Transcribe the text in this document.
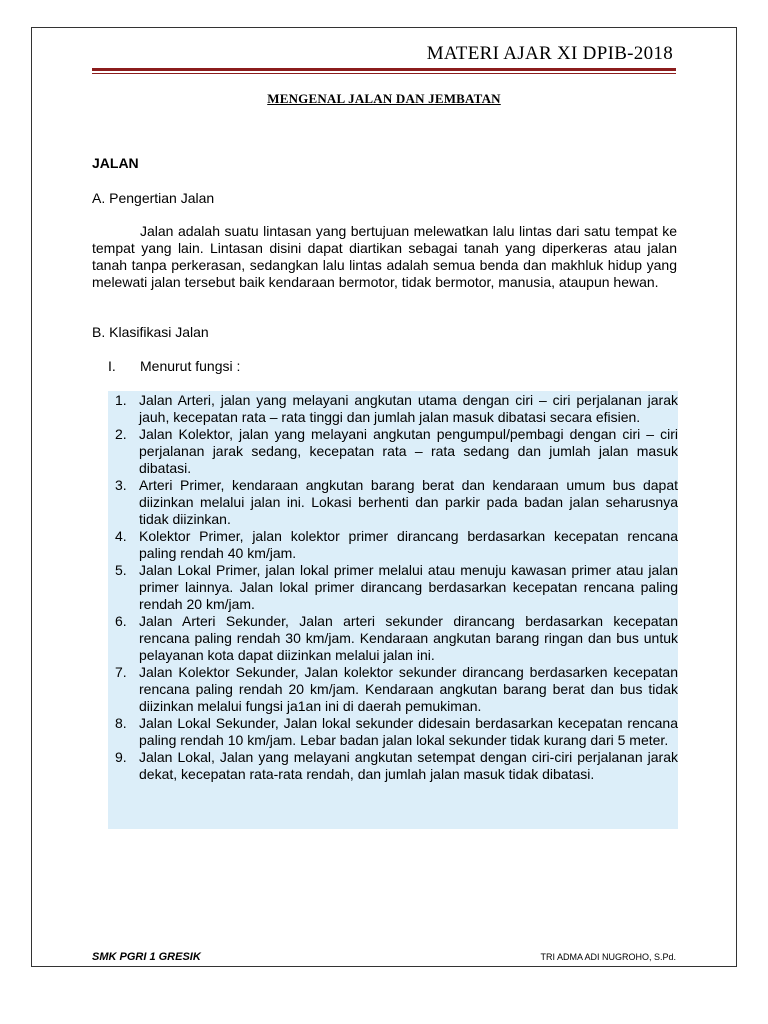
MATERI AJAR XI DPIB-2018
MENGENAL JALAN DAN JEMBATAN
JALAN
A. Pengertian Jalan
Jalan adalah suatu lintasan yang bertujuan melewatkan lalu lintas dari satu tempat ke tempat yang lain. Lintasan disini dapat diartikan sebagai tanah yang diperkeras atau jalan tanah tanpa perkerasan, sedangkan lalu lintas adalah semua benda dan makhluk hidup yang melewati jalan tersebut baik kendaraan bermotor, tidak bermotor, manusia, ataupun hewan.
B. Klasifikasi Jalan
I. Menurut fungsi :
1. Jalan Arteri, jalan yang melayani angkutan utama dengan ciri – ciri perjalanan jarak jauh, kecepatan rata – rata tinggi dan jumlah jalan masuk dibatasi secara efisien.
2. Jalan Kolektor, jalan yang melayani angkutan pengumpul/pembagi dengan ciri – ciri perjalanan jarak sedang, kecepatan rata – rata sedang dan jumlah jalan masuk dibatasi.
3. Arteri Primer, kendaraan angkutan barang berat dan kendaraan umum bus dapat diizinkan melalui jalan ini. Lokasi berhenti dan parkir pada badan jalan seharusnya tidak diizinkan.
4. Kolektor Primer, jalan kolektor primer dirancang berdasarkan kecepatan rencana paling rendah 40 km/jam.
5. Jalan Lokal Primer, jalan lokal primer melalui atau menuju kawasan primer atau jalan primer lainnya. Jalan lokal primer dirancang berdasarkan kecepatan rencana paling rendah 20 km/jam.
6. Jalan Arteri Sekunder, Jalan arteri sekunder dirancang berdasarkan kecepatan rencana paling rendah 30 km/jam. Kendaraan angkutan barang ringan dan bus untuk pelayanan kota dapat diizinkan melalui jalan ini.
7. Jalan Kolektor Sekunder, Jalan kolektor sekunder dirancang berdasarken kecepatan rencana paling rendah 20 km/jam. Kendaraan angkutan barang berat dan bus tidak diizinkan melalui fungsi ja1an ini di daerah pemukiman.
8. Jalan Lokal Sekunder, Jalan lokal sekunder didesain berdasarkan kecepatan rencana paling rendah 10 km/jam. Lebar badan jalan lokal sekunder tidak kurang dari 5 meter.
9. Jalan Lokal, Jalan yang melayani angkutan setempat dengan ciri-ciri perjalanan jarak dekat, kecepatan rata-rata rendah, dan jumlah jalan masuk tidak dibatasi.
SMK PGRI 1 GRESIK	TRI ADMA ADI NUGROHO, S.Pd.
